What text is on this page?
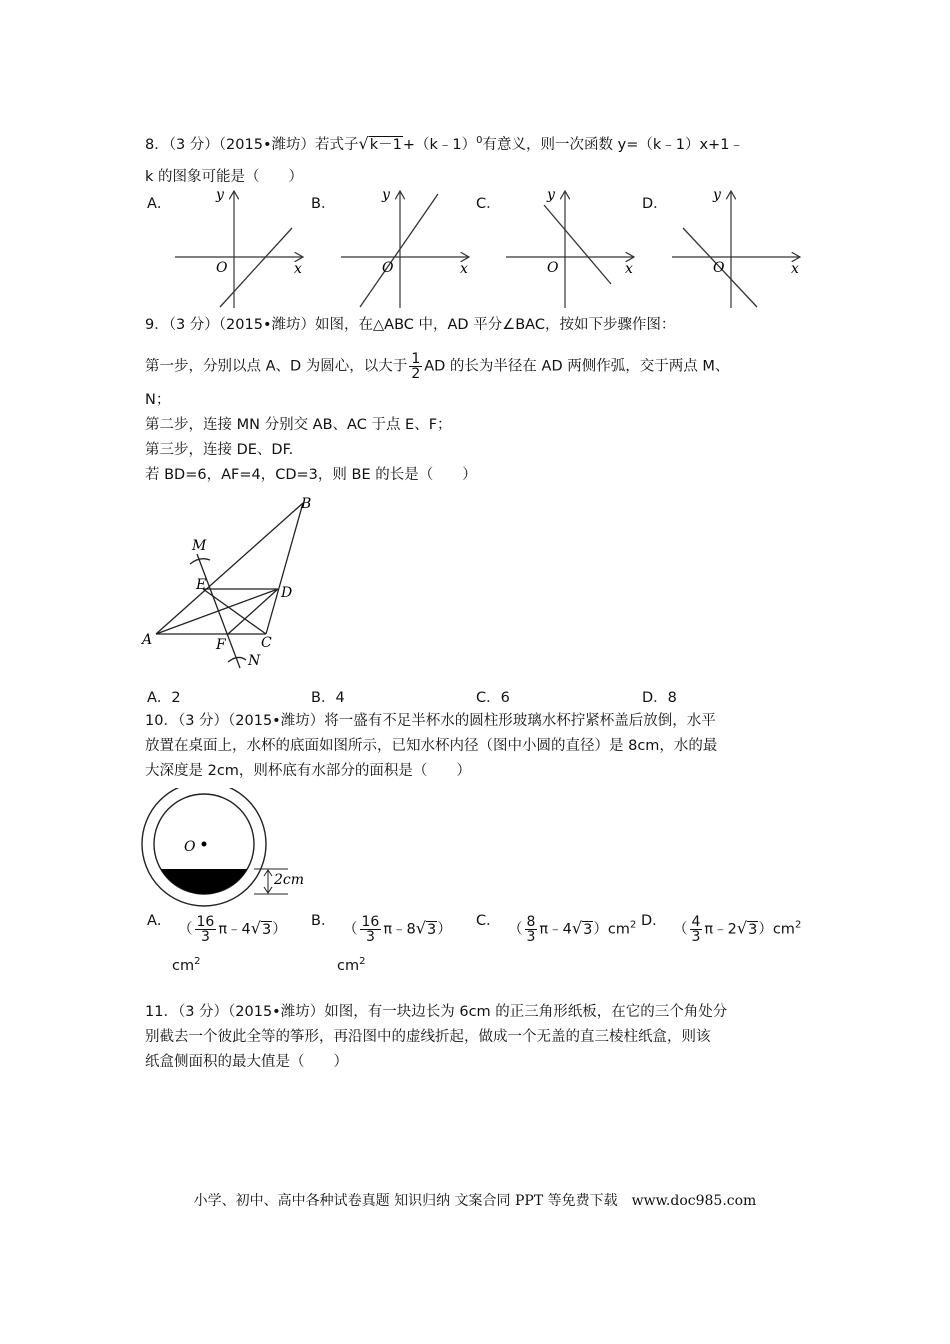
8．（3 分）（2015•潍坊）若式子√k－1+（k﹣1）$^0$有意义，则一次函数 y=（k﹣1）x+1﹣
k 的图象可能是（　　）
A．	B．	C．	D．
O	x
y
O	x
y
O	x
y
O	x
y
9．（3 分）（2015•潍坊）如图，在△ABC 中，AD 平分∠BAC，按如下步骤作图：
第一步，分别以点 A、D 为圆心，以大于 $\frac{1}{2}$ AD 的长为半径在 AD 两侧作弧，交于两点 M、
N；
第二步，连接 MN 分别交 AB、AC 于点 E、F；
第三步，连接 DE、DF.
若 BD=6，AF=4，CD=3，则 BE 的长是（　　）
A
B
C
D
E
F
M
N
A．2	B．4	C．6	D．8
10．（3 分）（2015•潍坊）将一盛有不足半杯水的圆柱形玻璃水杯拧紧杯盖后放倒，水平
放置在桌面上，水杯的底面如图所示，已知水杯内径（图中小圆的直径）是 8cm，水的最
大深度是 2cm，则杯底有水部分的面积是（　　）
O
2cm
A．
（ $\frac{16}{3}$ π﹣4√3）
$cm^2$
B．
（ $\frac{16}{3}$ π﹣8√3）
$cm^2$
C．
（ $\frac{8}{3}$ $\pi﹣4√3)cm^2$ D．
（ $\frac{4}{3}$ $\pi﹣2√3)cm^2$
11．（3 分）（2015•潍坊）如图，有一块边长为 6cm 的正三角形纸板，在它的三个角处分
别截去一个彼此全等的筝形，再沿图中的虚线折起，做成一个无盖的直三棱柱纸盒，则该
纸盒侧面积的最大值是（　　）
小学、初中、高中各种试卷真题 知识归纳 文案合同 PPT 等免费下载　www.doc985.com
